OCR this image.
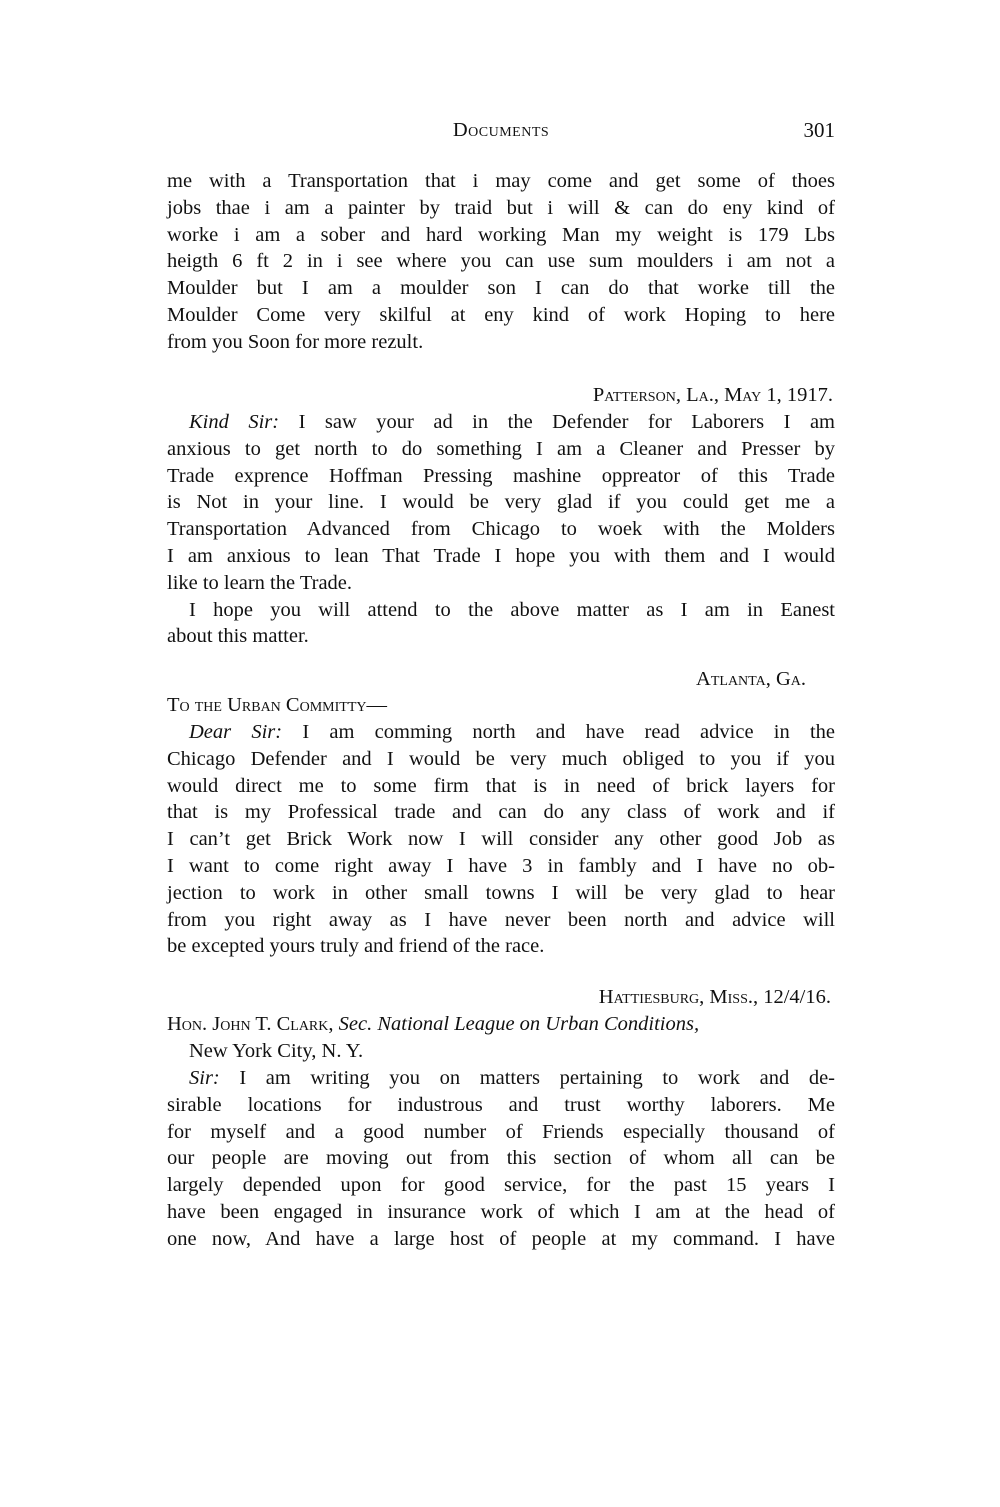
Documents	301
me with a Transportation that i may come and get some of thoes
jobs thae i am a painter by traid but i will & can do eny kind of
worke i am a sober and hard working Man my weight is 179 Lbs
heigth 6 ft 2 in i see where you can use sum moulders i am not a
Moulder but I am a moulder son I can do that worke till the
Moulder Come very skilful at eny kind of work Hoping to here
from you Soon for more rezult.
Patterson, La., May 1, 1917.
Kind Sir: I saw your ad in the Defender for Laborers I am
anxious to get north to do something I am a Cleaner and Presser by
Trade exprence Hoffman Pressing mashine oppreator of this Trade
is Not in your line. I would be very glad if you could get me a
Transportation Advanced from Chicago to woek with the Molders
I am anxious to lean That Trade I hope you with them and I would
like to learn the Trade.
I hope you will attend to the above matter as I am in Eanest
about this matter.
Atlanta, Ga.
To the Urban Committy—
Dear Sir: I am comming north and have read advice in the
Chicago Defender and I would be very much obliged to you if you
would direct me to some firm that is in need of brick layers for
that is my Professical trade and can do any class of work and if
I can’t get Brick Work now I will consider any other good Job as
I want to come right away I have 3 in fambly and I have no ob-
jection to work in other small towns I will be very glad to hear
from you right away as I have never been north and advice will
be excepted yours truly and friend of the race.
Hattiesburg, Miss., 12/4/16.
Hon. John T. Clark, Sec. National League on Urban Conditions,
New York City, N. Y.
Sir: I am writing you on matters pertaining to work and de-
sirable locations for industrous and trust worthy laborers. Me
for myself and a good number of Friends especially thousand of
our people are moving out from this section of whom all can be
largely depended upon for good service, for the past 15 years I
have been engaged in insurance work of which I am at the head of
one now, And have a large host of people at my command. I have
